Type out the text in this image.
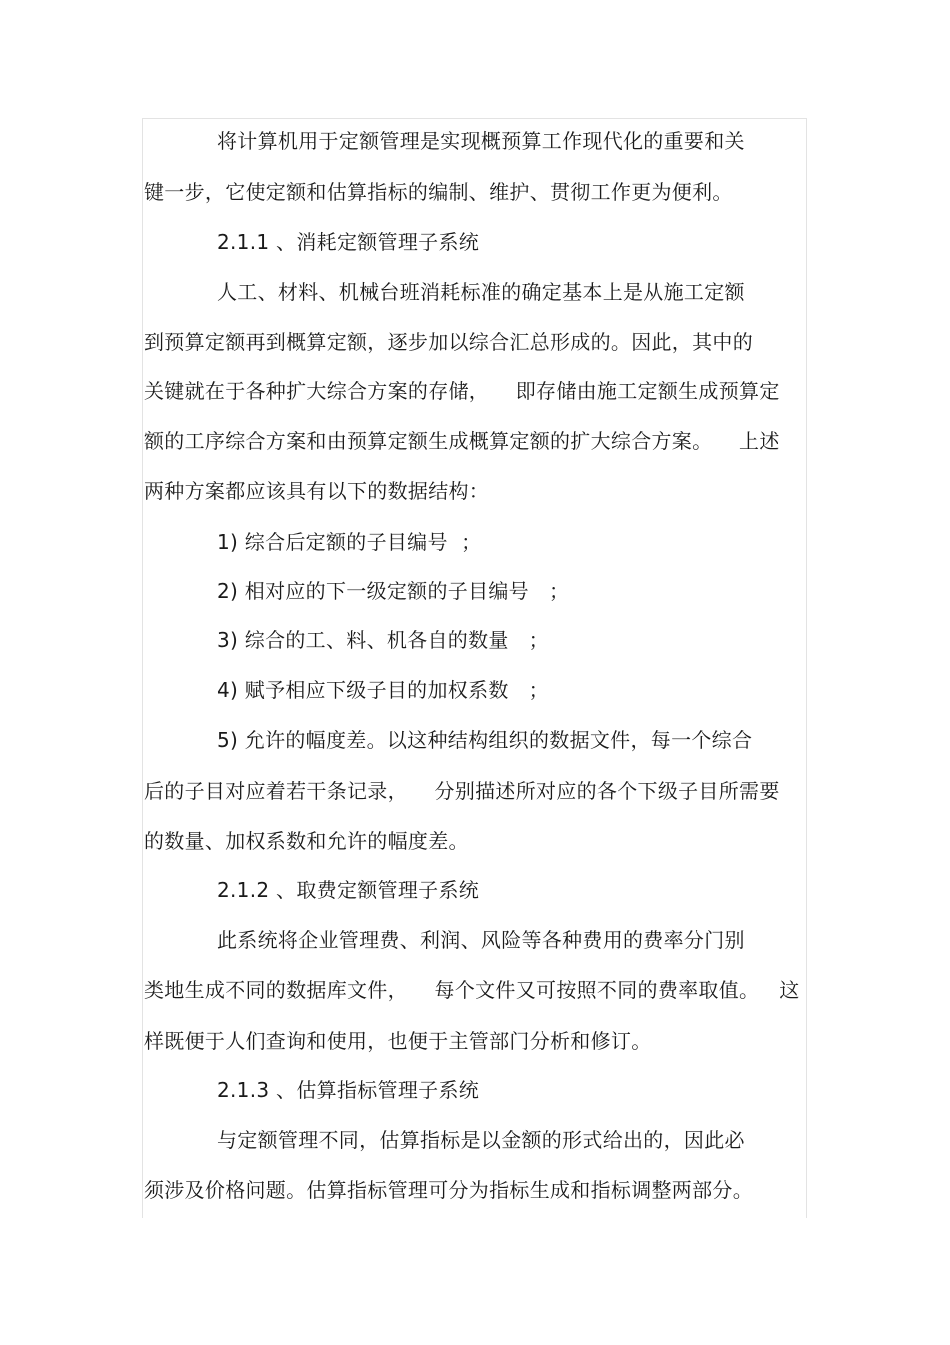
将计算机用于定额管理是实现概预算工作现代化的重要和关
键一步，它使定额和估算指标的编制、维护、贯彻工作更为便利。
2.1.1 、消耗定额管理子系统
人工、材料、机械台班消耗标准的确定基本上是从施工定额
到预算定额再到概算定额，逐步加以综合汇总形成的。因此，其中的
关键就在于各种扩大综合方案的存储，    即存储由施工定额生成预算定
额的工序综合方案和由预算定额生成概算定额的扩大综合方案。    上述
两种方案都应该具有以下的数据结构：
1) 综合后定额的子目编号  ；
2) 相对应的下一级定额的子目编号   ；
3) 综合的工、料、机各自的数量   ；
4) 赋予相应下级子目的加权系数   ；
5) 允许的幅度差。以这种结构组织的数据文件，每一个综合
后的子目对应着若干条记录，    分别描述所对应的各个下级子目所需要
的数量、加权系数和允许的幅度差。
2.1.2 、取费定额管理子系统
此系统将企业管理费、利润、风险等各种费用的费率分门别
类地生成不同的数据库文件，    每个文件又可按照不同的费率取值。   这
样既便于人们查询和使用，也便于主管部门分析和修订。
2.1.3 、估算指标管理子系统
与定额管理不同，估算指标是以金额的形式给出的，因此必
须涉及价格问题。估算指标管理可分为指标生成和指标调整两部分。
